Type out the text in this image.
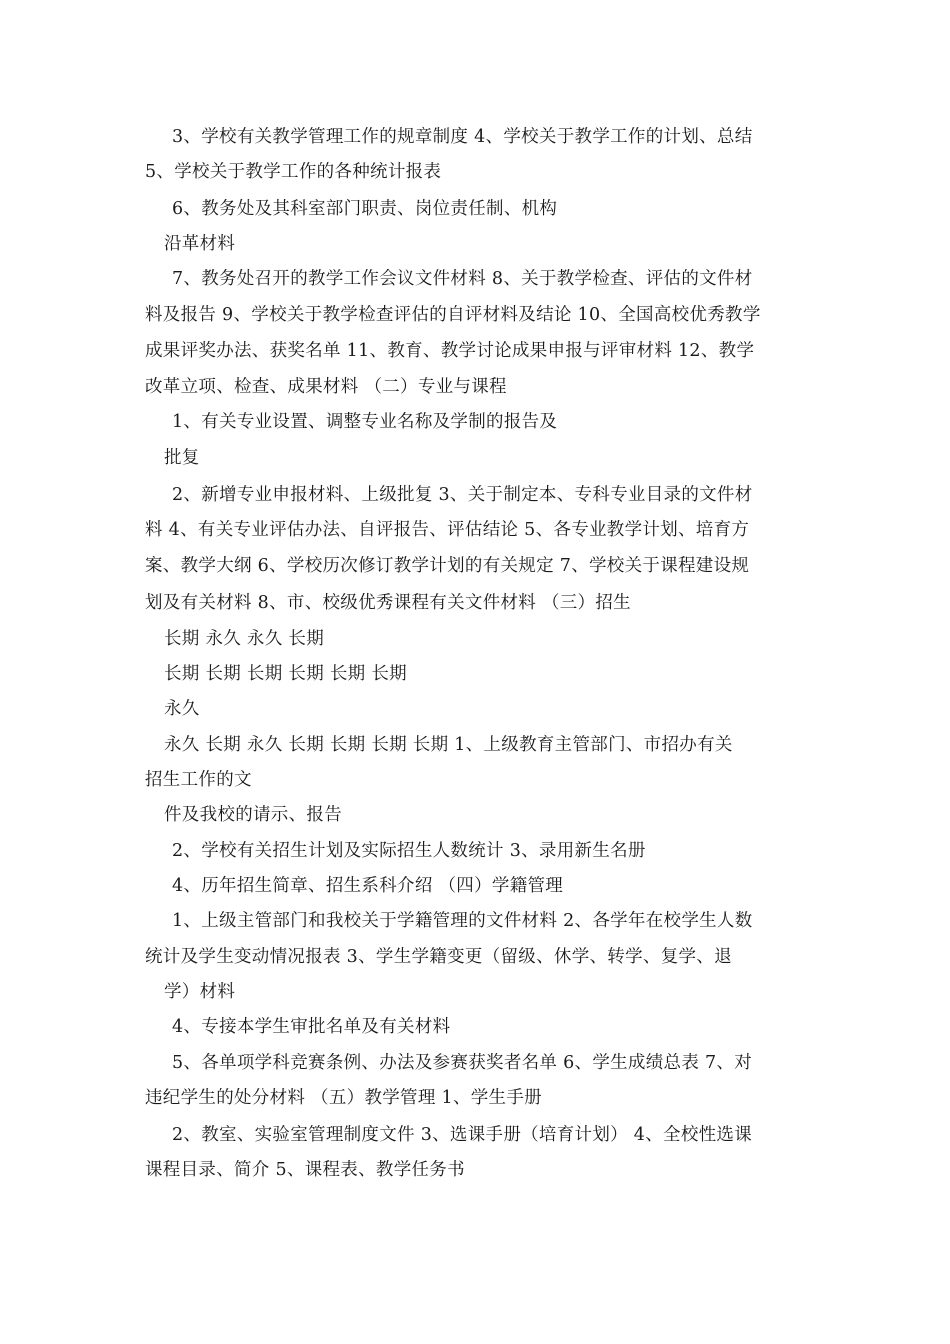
3、学校有关教学管理工作的规章制度 4、学校关于教学工作的计划、总结
5、学校关于教学工作的各种统计报表
6、教务处及其科室部门职责、岗位责任制、机构
沿革材料
7、教务处召开的教学工作会议文件材料 8、关于教学检查、评估的文件材
料及报告 9、学校关于教学检查评估的自评材料及结论 10、全国高校优秀教学
成果评奖办法、获奖名单 11、教育、教学讨论成果申报与评审材料 12、教学
改革立项、检查、成果材料 （二）专业与课程
1、有关专业设置、调整专业名称及学制的报告及
批复
2、新增专业申报材料、上级批复 3、关于制定本、专科专业目录的文件材
料 4、有关专业评估办法、自评报告、评估结论 5、各专业教学计划、培育方
案、教学大纲 6、学校历次修订教学计划的有关规定 7、学校关于课程建设规
划及有关材料 8、市、校级优秀课程有关文件材料 （三）招生
长期 永久 永久 长期
长期 长期 长期 长期 长期 长期
永久
永久 长期 永久 长期 长期 长期 长期 1、上级教育主管部门、市招办有关
招生工作的文
件及我校的请示、报告
2、学校有关招生计划及实际招生人数统计 3、录用新生名册
4、历年招生简章、招生系科介绍 （四）学籍管理
1、上级主管部门和我校关于学籍管理的文件材料 2、各学年在校学生人数
统计及学生变动情况报表 3、学生学籍变更（留级、休学、转学、复学、退
学）材料
4、专接本学生审批名单及有关材料
5、各单项学科竞赛条例、办法及参赛获奖者名单 6、学生成绩总表 7、对
违纪学生的处分材料 （五）教学管理 1、学生手册
2、教室、实验室管理制度文件 3、选课手册（培育计划） 4、全校性选课
课程目录、简介 5、课程表、教学任务书
